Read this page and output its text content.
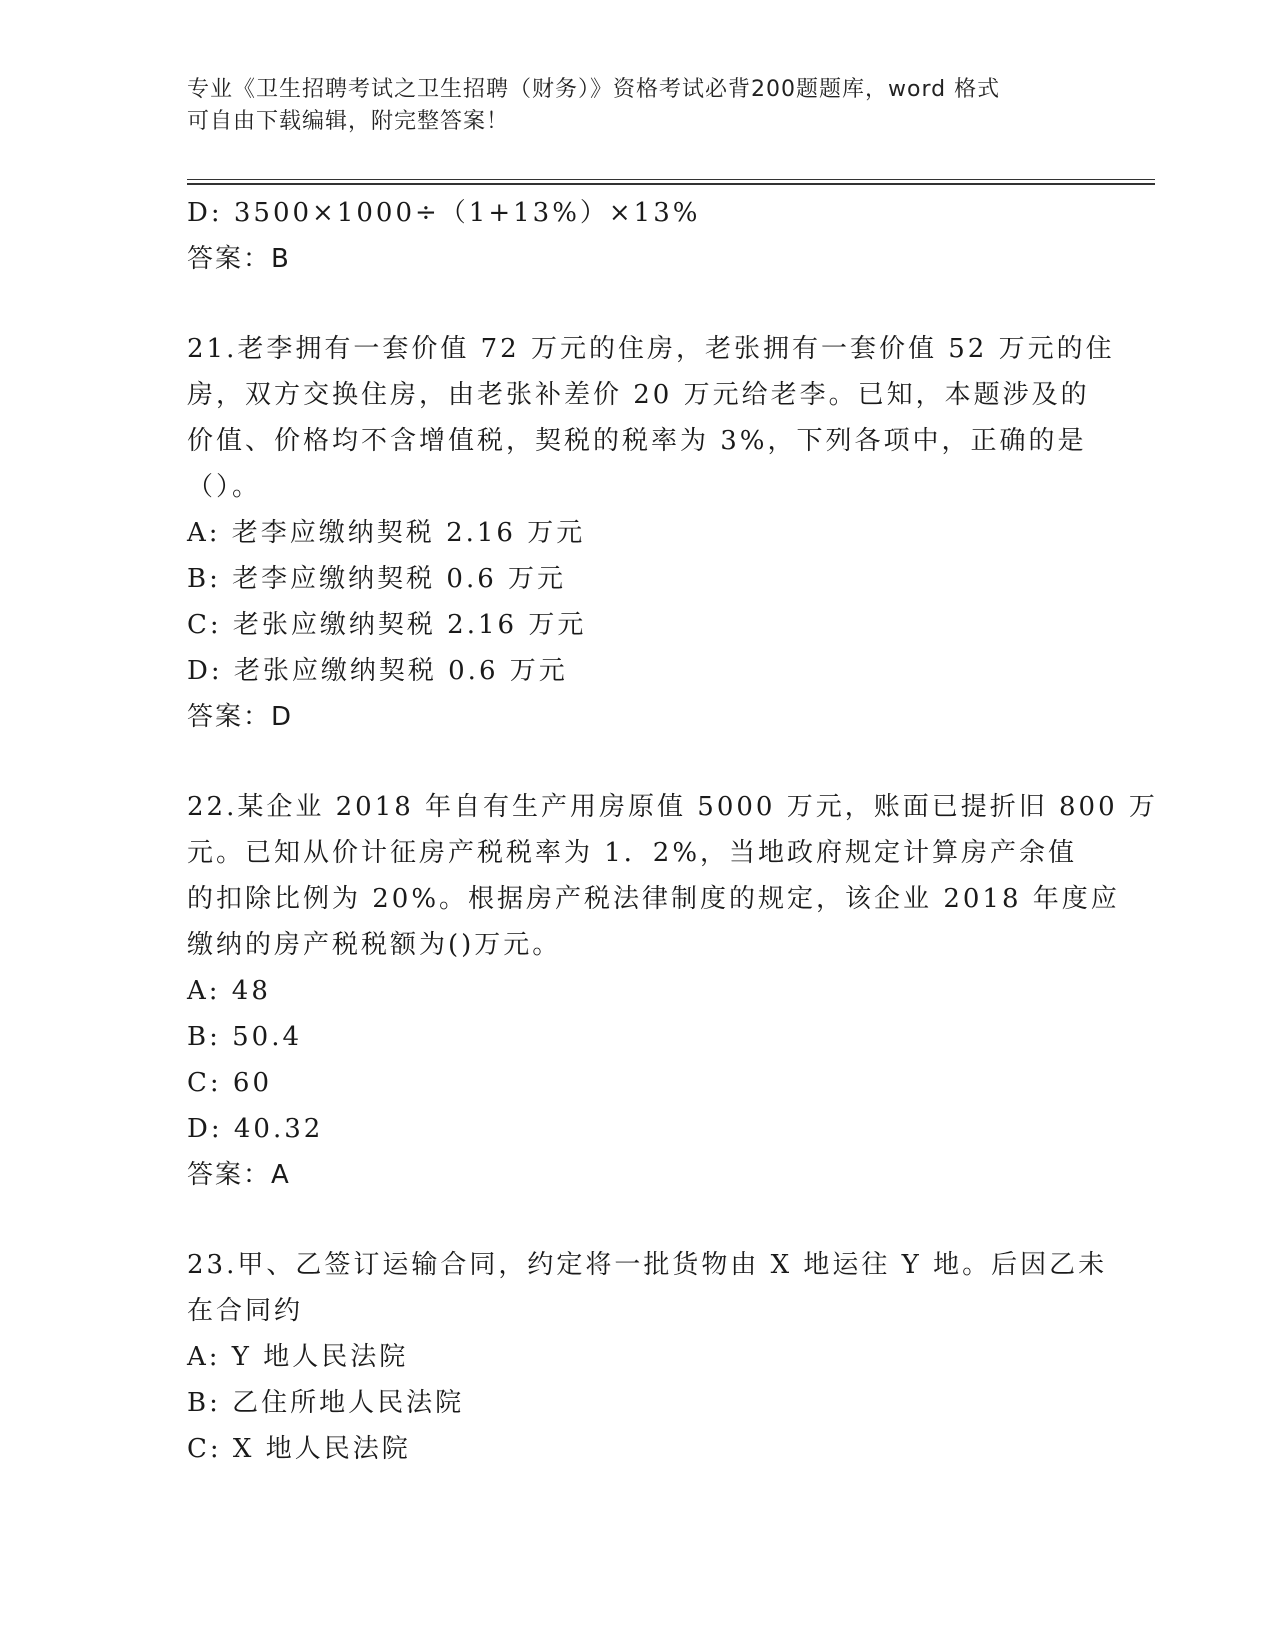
专业《卫生招聘考试之卫生招聘（财务）》资格考试必背200题题库，word 格式
可自由下载编辑，附完整答案！
D: 3500×1000÷（1+13%）×13%
答案：B
21.老李拥有一套价值 72 万元的住房，老张拥有一套价值 52 万元的住
房，双方交换住房，由老张补差价 20 万元给老李。已知，本题涉及的
价值、价格均不含增值税，契税的税率为 3%，下列各项中，正确的是
（）。
A: 老李应缴纳契税 2.16 万元
B: 老李应缴纳契税 0.6 万元
C: 老张应缴纳契税 2.16 万元
D: 老张应缴纳契税 0.6 万元
答案：D
22.某企业 2018 年自有生产用房原值 5000 万元，账面已提折旧 800 万
元。已知从价计征房产税税率为 1．2%，当地政府规定计算房产余值
的扣除比例为 20%。根据房产税法律制度的规定，该企业 2018 年度应
缴纳的房产税税额为()万元。
A: 48
B: 50.4
C: 60
D: 40.32
答案：A
23.甲、乙签订运输合同，约定将一批货物由 X 地运往 Y 地。后因乙未
在合同约
A: Y 地人民法院
B: 乙住所地人民法院
C: X 地人民法院
